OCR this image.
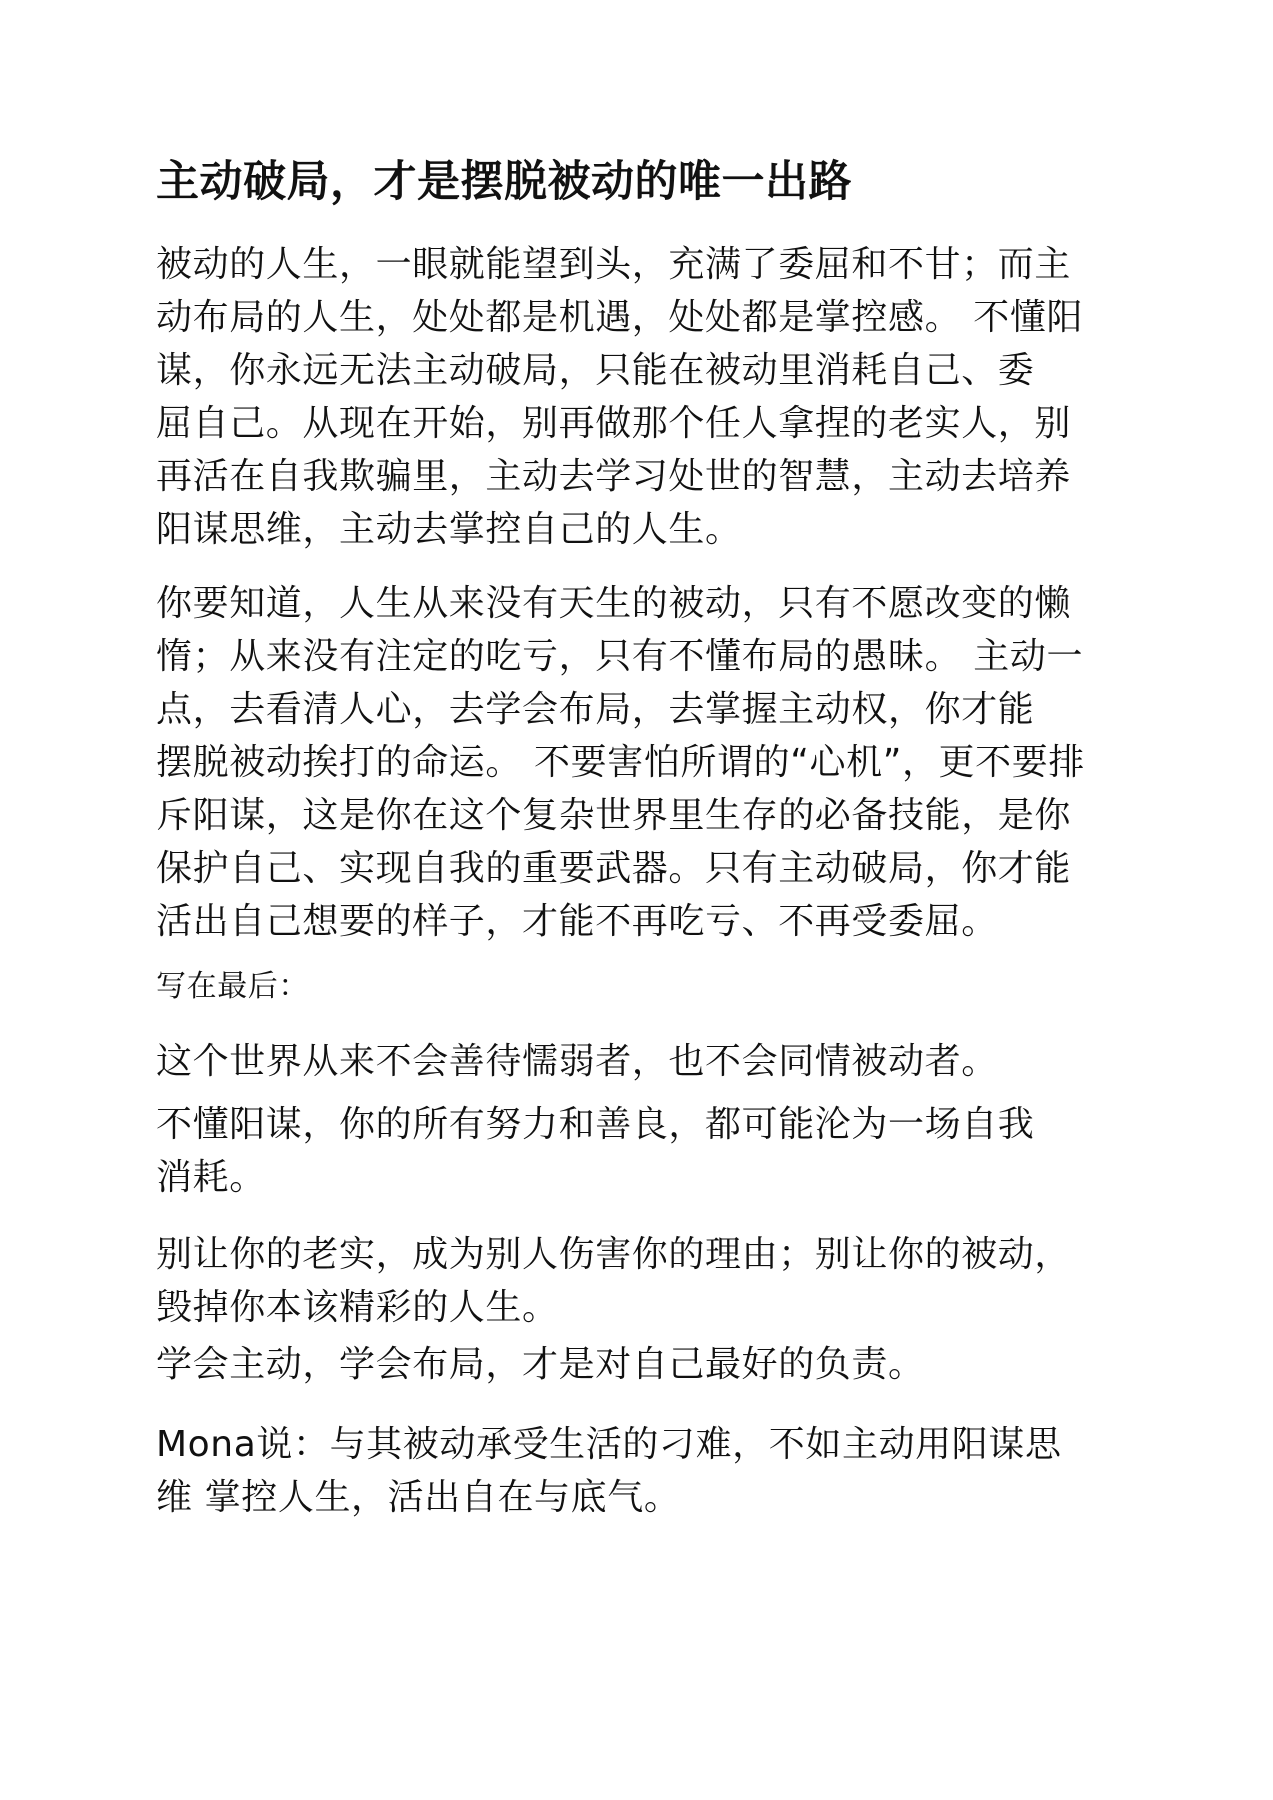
主动破局，才是摆脱被动的唯一出路
被动的人生，一眼就能望到头，充满了委屈和不甘；而主
动布局的人生，处处都是机遇，处处都是掌控感。 不懂阳
谋，你永远无法主动破局，只能在被动里消耗自己、委
屈自己。从现在开始，别再做那个任人拿捏的老实人，别
再活在自我欺骗里，主动去学习处世的智慧，主动去培养
阳谋思维，主动去掌控自己的人生。
你要知道，人生从来没有天生的被动，只有不愿改变的懒
惰；从来没有注定的吃亏，只有不懂布局的愚昧。 主动一
点，去看清人心，去学会布局，去掌握主动权，你才能
摆脱被动挨打的命运。 不要害怕所谓的“心机”，更不要排
斥阳谋，这是你在这个复杂世界里生存的必备技能，是你
保护自己、实现自我的重要武器。只有主动破局，你才能
活出自己想要的样子，才能不再吃亏、不再受委屈。
写在最后：
这个世界从来不会善待懦弱者，也不会同情被动者。
不懂阳谋，你的所有努力和善良，都可能沦为一场自我
消耗。
别让你的老实，成为别人伤害你的理由；别让你的被动，
毁掉你本该精彩的人生。
学会主动，学会布局，才是对自己最好的负责。
Mona说：与其被动承受生活的刁难，不如主动用阳谋思
维 掌控人生，活出自在与底气。
